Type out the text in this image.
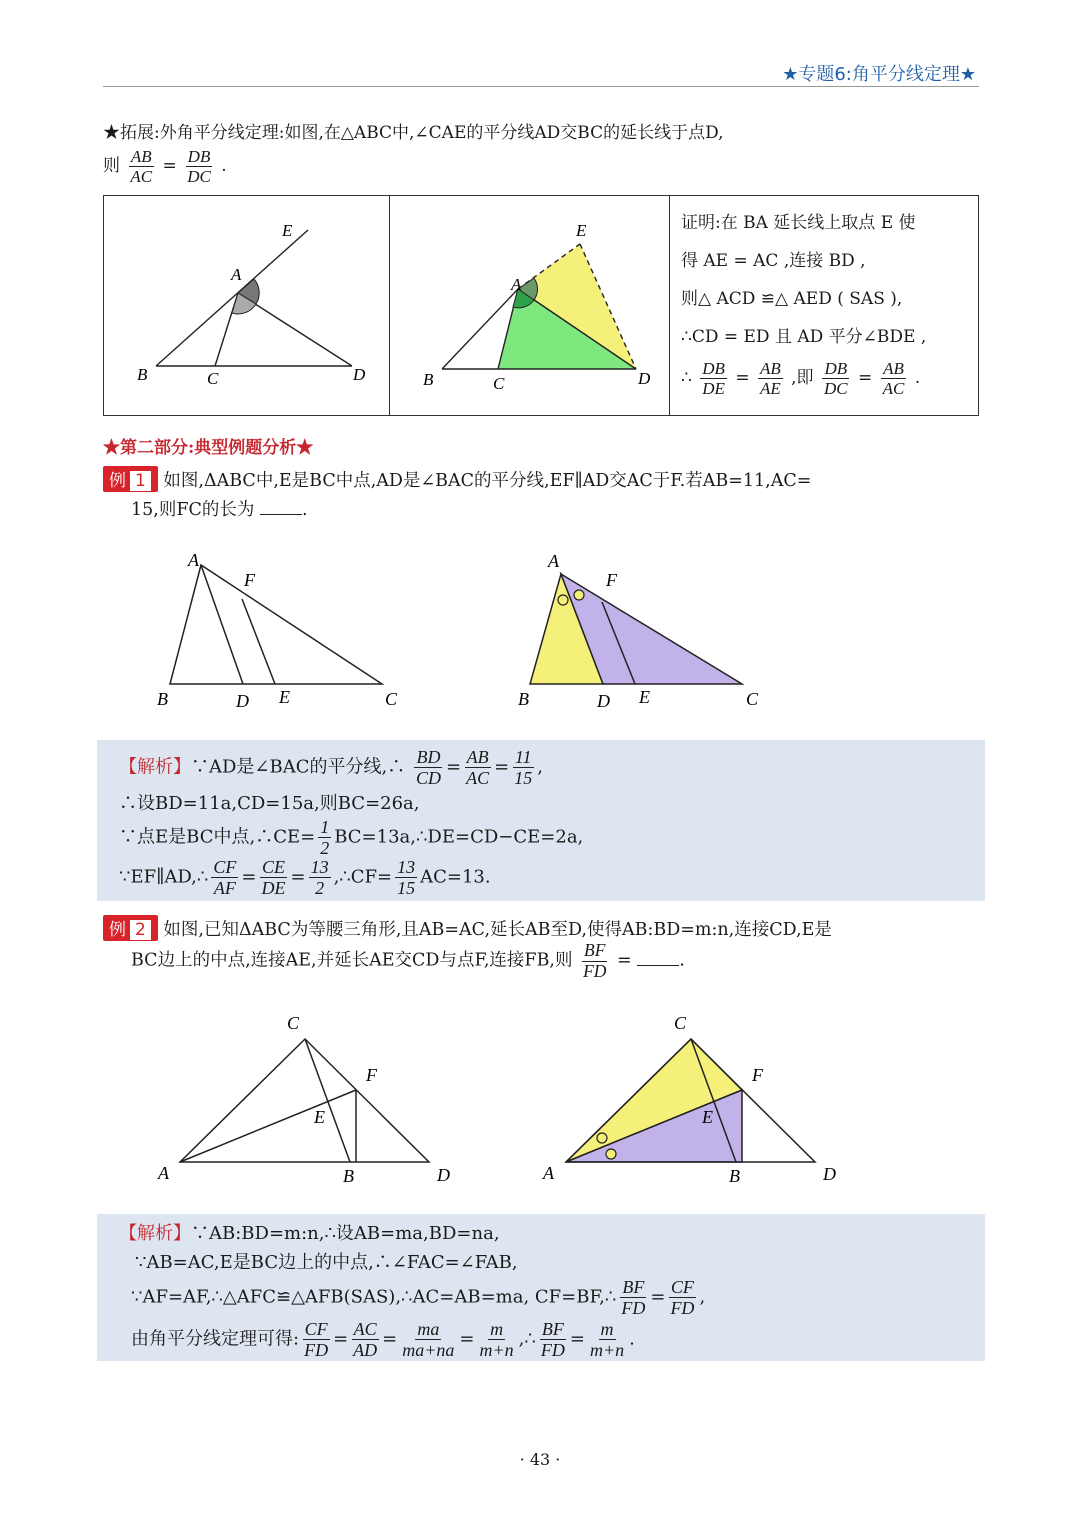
★专题6:角平分线定理★
★拓展:外角平分线定理:如图,在△ABC中,∠CAE的平分线AD交BC的延长线于点D,
则 $\frac{AB}{AC} = \frac{DB}{DC}$ .
E
A
B	C	D
E
A
B	C	D
证明:在 BA 延长线上取点 E 使
得 AE = AC ,连接 BD ,
则△ ACD ≌△ AED ( SAS ),
∴CD = ED 且 AD 平分∠BDE ,
∴ $\frac{DB}{DE} = \frac{AB}{AE}$ ,即 $\frac{DB}{DC} = \frac{AB}{AC}$ .
★第二部分:典型例题分析★
例 1 如图,ΔABC中,E是BC中点,AD是∠BAC的平分线,EF∥AD交AC于F.若AB=11,AC=
15,则FC的长为	.
A
F
B	D E	C
A
F
B	D E	C
【解析】∵AD是∠BAC的平分线,∴ $\frac{BD}{CD} = \frac{AB}{AC} = \frac{11}{15}$ ,
∴设BD=11a,CD=15a,则BC=26a,
∵点E是BC中点,∴CE= $\frac{1}{2}$ BC=13a,∴DE=CD−CE=2a,
∵EF∥AD,∴ $\frac{CF}{AF} = \frac{CE}{DE} = \frac{13}{2}$ ,∴CF= $\frac{13}{15} AC=13$.
例 2 如图,已知ΔABC为等腰三角形,且AB=AC,延长AB至D,使得AB:BD=m:n,连接CD,E是
BC边上的中点,连接AE,并延长AE交CD与点F,连接FB,则 $\frac{BF}{FD}$ =	.
C
F
E
A	B	D
C
F
E
A	B	D
【解析】∵AB:BD=m:n,∴设AB=ma,BD=na,
∵AB=AC,E是BC边上的中点,∴∠FAC=∠FAB,
∵AF=AF,∴△AFC≌△AFB(SAS),∴AC=AB=ma, CF=BF,∴ $\frac{BF}{FD} = \frac{CF}{FD}$ ,
由角平分线定理可得: $\frac{CF}{FD} = \frac{AC}{AD} = \frac{ma}{ma+na} = \frac{m}{m+n}$ ,∴ $\frac{BF}{FD} = \frac{m}{m+n}$ .
· 43 ·
